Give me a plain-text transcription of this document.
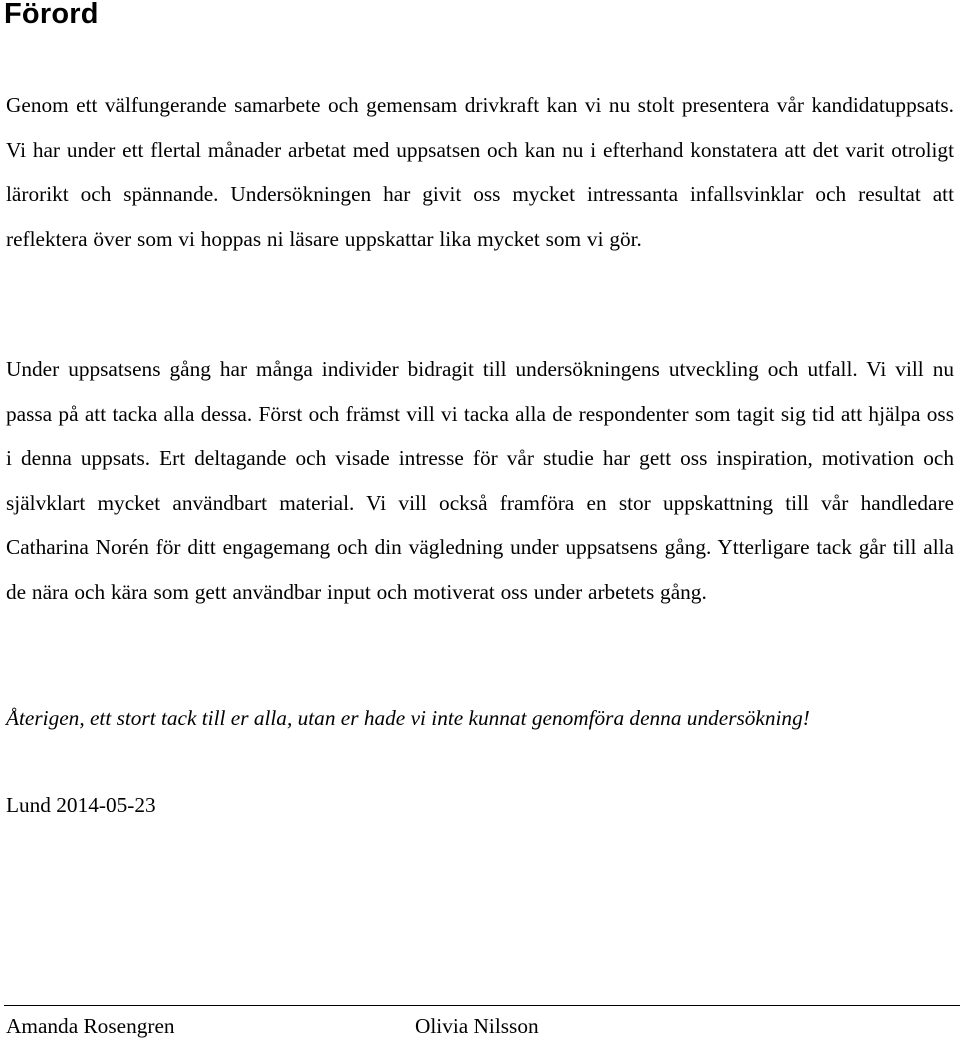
Förord

Genom ett välfungerande samarbete och gemensam drivkraft kan vi nu stolt presentera vår kandidatuppsats. Vi har under ett flertal månader arbetat med uppsatsen och kan nu i efterhand konstatera att det varit otroligt lärorikt och spännande. Undersökningen har givit oss mycket intressanta infallsvinklar och resultat att reflektera över som vi hoppas ni läsare uppskattar lika mycket som vi gör.

Under uppsatsens gång har många individer bidragit till undersökningens utveckling och utfall. Vi vill nu passa på att tacka alla dessa. Först och främst vill vi tacka alla de respondenter som tagit sig tid att hjälpa oss i denna uppsats. Ert deltagande och visade intresse för vår studie har gett oss inspiration, motivation och självklart mycket användbart material. Vi vill också framföra en stor uppskattning till vår handledare Catharina Norén för ditt engagemang och din vägledning under uppsatsens gång. Ytterligare tack går till alla de nära och kära som gett användbar input och motiverat oss under arbetets gång.

Återigen, ett stort tack till er alla, utan er hade vi inte kunnat genomföra denna undersökning!

Lund 2014-05-23

Amanda Rosengren	Olivia Nilsson
